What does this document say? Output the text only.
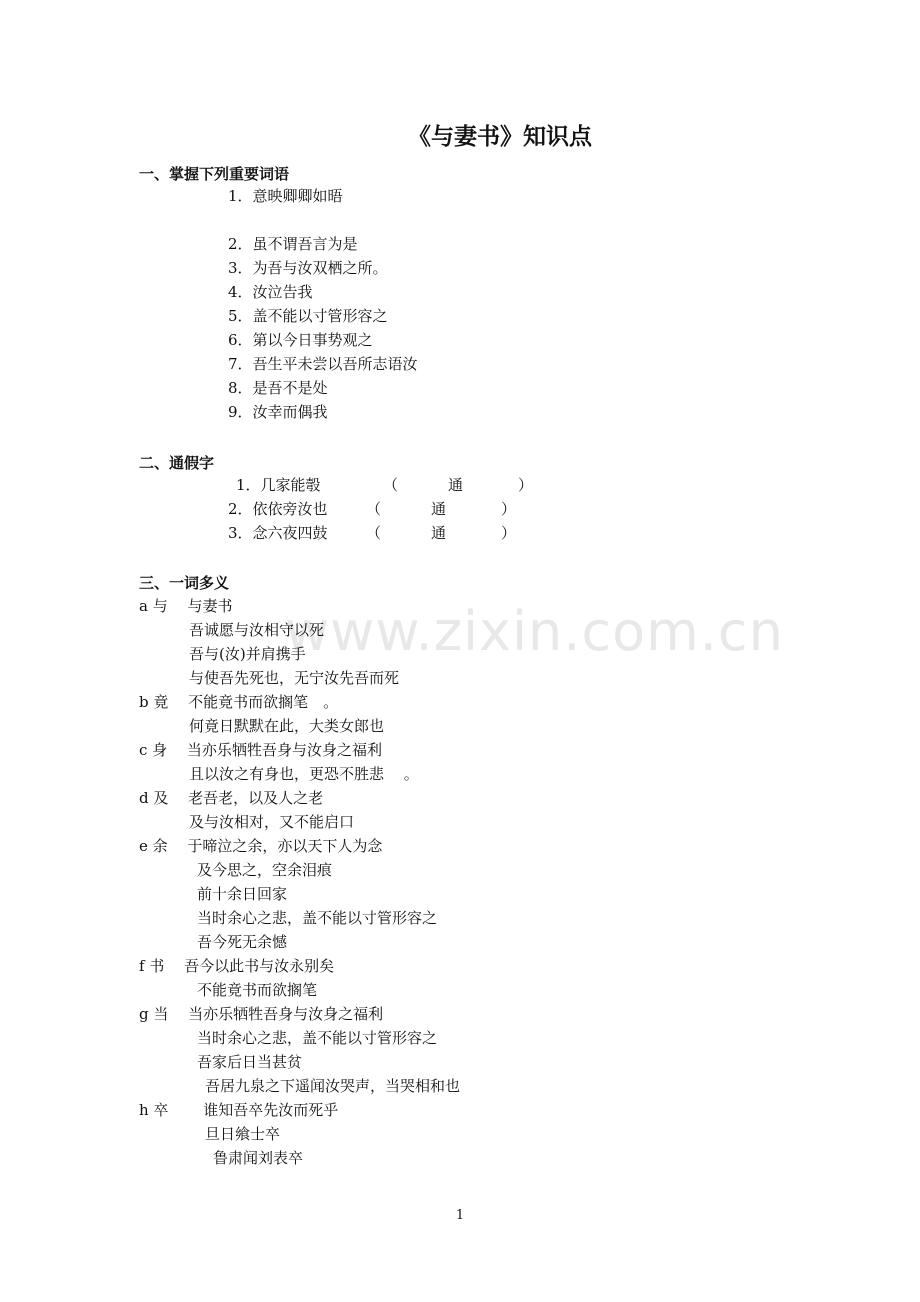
www.zixin.com.cn
《与妻书》知识点
一、掌握下列重要词语
1．意映卿卿如晤
2．虽不谓吾言为是
3．为吾与汝双栖之所。
4．汝泣告我
5．盖不能以寸管形容之
6．第以今日事势观之
7．吾生平未尝以吾所志语汝
8．是吾不是处
9．汝幸而偶我
二、通假字
1．几家能彀	（	通	）
2．依依旁汝也	（	通	）
3．念六夜四鼓	（	通	）
三、一词多义
a 与　 与妻书
吾诚愿与汝相守以死
吾与(汝)并肩携手
与使吾先死也，无宁汝先吾而死
b 竟　 不能竟书而欲搁笔　。
何竟日默默在此，大类女郎也
c 身　 当亦乐牺牲吾身与汝身之福利
且以汝之有身也，更恐不胜悲　 。
d 及　 老吾老，以及人之老
及与汝相对，又不能启口
e 余　 于啼泣之余，亦以天下人为念
及今思之，空余泪痕
前十余日回家
当时余心之悲，盖不能以寸管形容之
吾今死无余憾
f 书　 吾今以此书与汝永别矣
不能竟书而欲搁笔
g 当　 当亦乐牺牲吾身与汝身之福利
当时余心之悲，盖不能以寸管形容之
吾家后日当甚贫
吾居九泉之下遥闻汝哭声，当哭相和也
h 卒　 　谁知吾卒先汝而死乎
旦日飨士卒
鲁肃闻刘表卒
1
